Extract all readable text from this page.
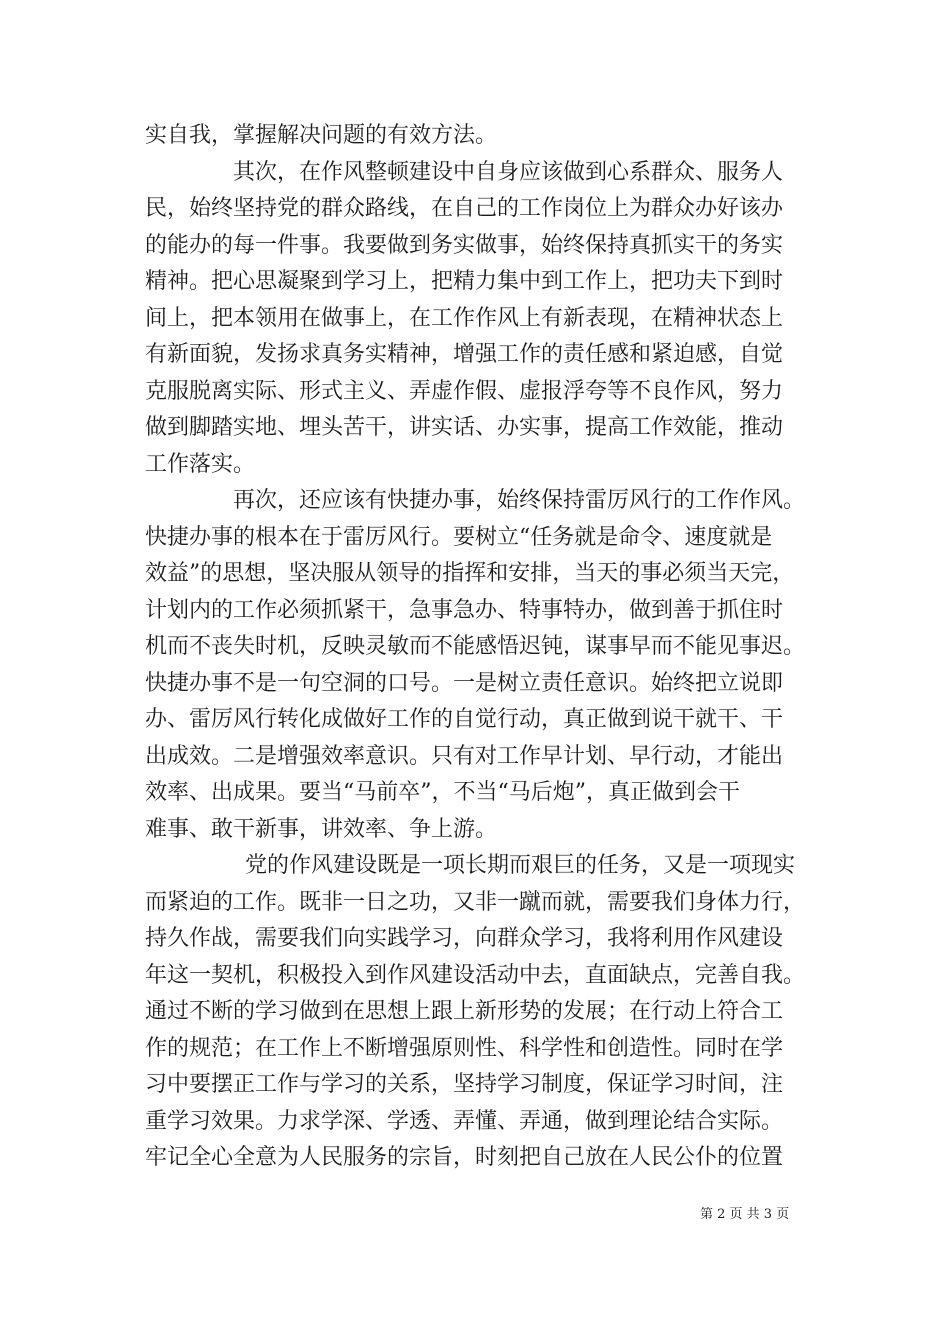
实自我，掌握解决问题的有效方法。
其次，在作风整顿建设中自身应该做到心系群众、服务人
民，始终坚持党的群众路线，在自己的工作岗位上为群众办好该办
的能办的每一件事。我要做到务实做事，始终保持真抓实干的务实
精神。把心思凝聚到学习上，把精力集中到工作上，把功夫下到时
间上，把本领用在做事上，在工作作风上有新表现，在精神状态上
有新面貌，发扬求真务实精神，增强工作的责任感和紧迫感，自觉
克服脱离实际、形式主义、弄虚作假、虚报浮夸等不良作风，努力
做到脚踏实地、埋头苦干，讲实话、办实事，提高工作效能，推动
工作落实。
再次，还应该有快捷办事，始终保持雷厉风行的工作作风。
快捷办事的根本在于雷厉风行。要树立“任务就是命令、速度就是
效益”的思想，坚决服从领导的指挥和安排，当天的事必须当天完，
计划内的工作必须抓紧干，急事急办、特事特办，做到善于抓住时
机而不丧失时机，反映灵敏而不能感悟迟钝，谋事早而不能见事迟。
快捷办事不是一句空洞的口号。一是树立责任意识。始终把立说即
办、雷厉风行转化成做好工作的自觉行动，真正做到说干就干、干
出成效。二是增强效率意识。只有对工作早计划、早行动，才能出
效率、出成果。要当“马前卒”，不当“马后炮”，真正做到会干
难事、敢干新事，讲效率、争上游。
党的作风建设既是一项长期而艰巨的任务，又是一项现实
而紧迫的工作。既非一日之功，又非一蹴而就，需要我们身体力行，
持久作战，需要我们向实践学习，向群众学习，我将利用作风建设
年这一契机，积极投入到作风建设活动中去，直面缺点，完善自我。
通过不断的学习做到在思想上跟上新形势的发展；在行动上符合工
作的规范；在工作上不断增强原则性、科学性和创造性。同时在学
习中要摆正工作与学习的关系，坚持学习制度，保证学习时间，注
重学习效果。力求学深、学透、弄懂、弄通，做到理论结合实际。
牢记全心全意为人民服务的宗旨，时刻把自己放在人民公仆的位置
第 2 页 共 3 页
